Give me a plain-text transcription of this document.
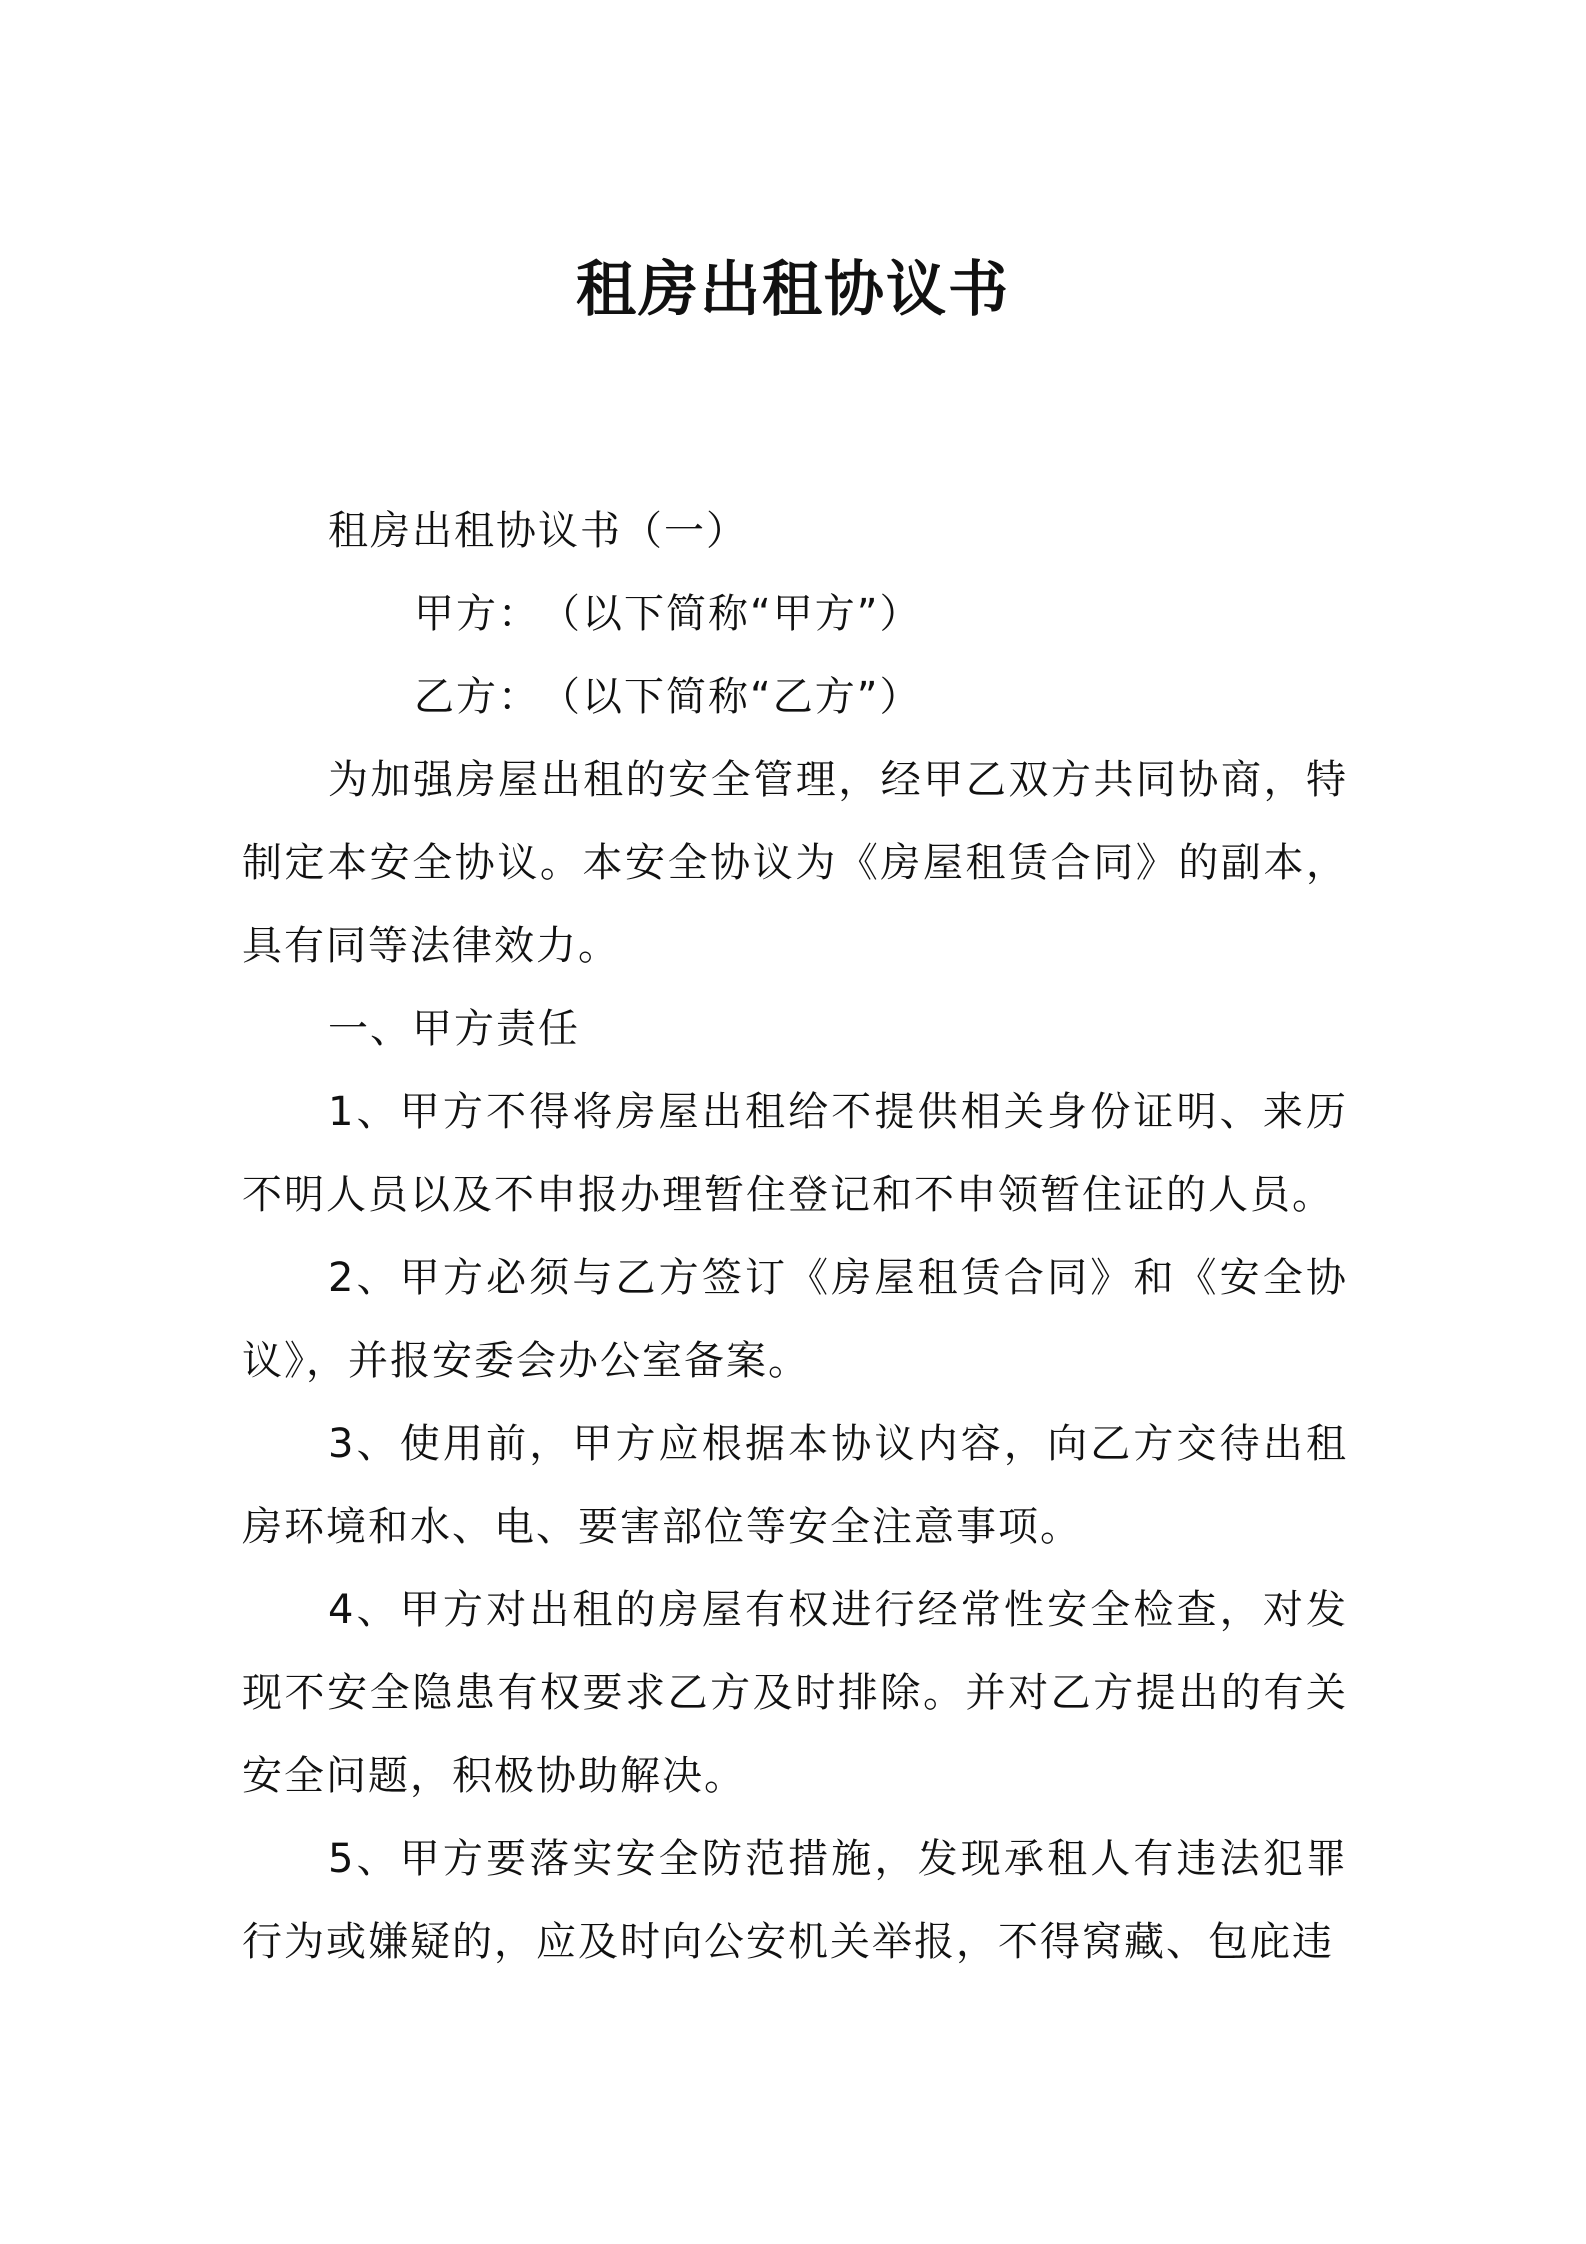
租房出租协议书

租房出租协议书（一）

甲方：（以下简称“甲方”）

乙方：（以下简称“乙方”）

为加强房屋出租的安全管理，经甲乙双方共同协商，特制定本安全协议。本安全协议为《房屋租赁合同》的副本，具有同等法律效力。

一、甲方责任

1、甲方不得将房屋出租给不提供相关身份证明、来历不明人员以及不申报办理暂住登记和不申领暂住证的人员。

2、甲方必须与乙方签订《房屋租赁合同》和《安全协议》，并报安委会办公室备案。

3、使用前，甲方应根据本协议内容，向乙方交待出租房环境和水、电、要害部位等安全注意事项。

4、甲方对出租的房屋有权进行经常性安全检查，对发现不安全隐患有权要求乙方及时排除。并对乙方提出的有关安全问题，积极协助解决。

5、甲方要落实安全防范措施，发现承租人有违法犯罪行为或嫌疑的，应及时向公安机关举报，不得窝藏、包庇违
